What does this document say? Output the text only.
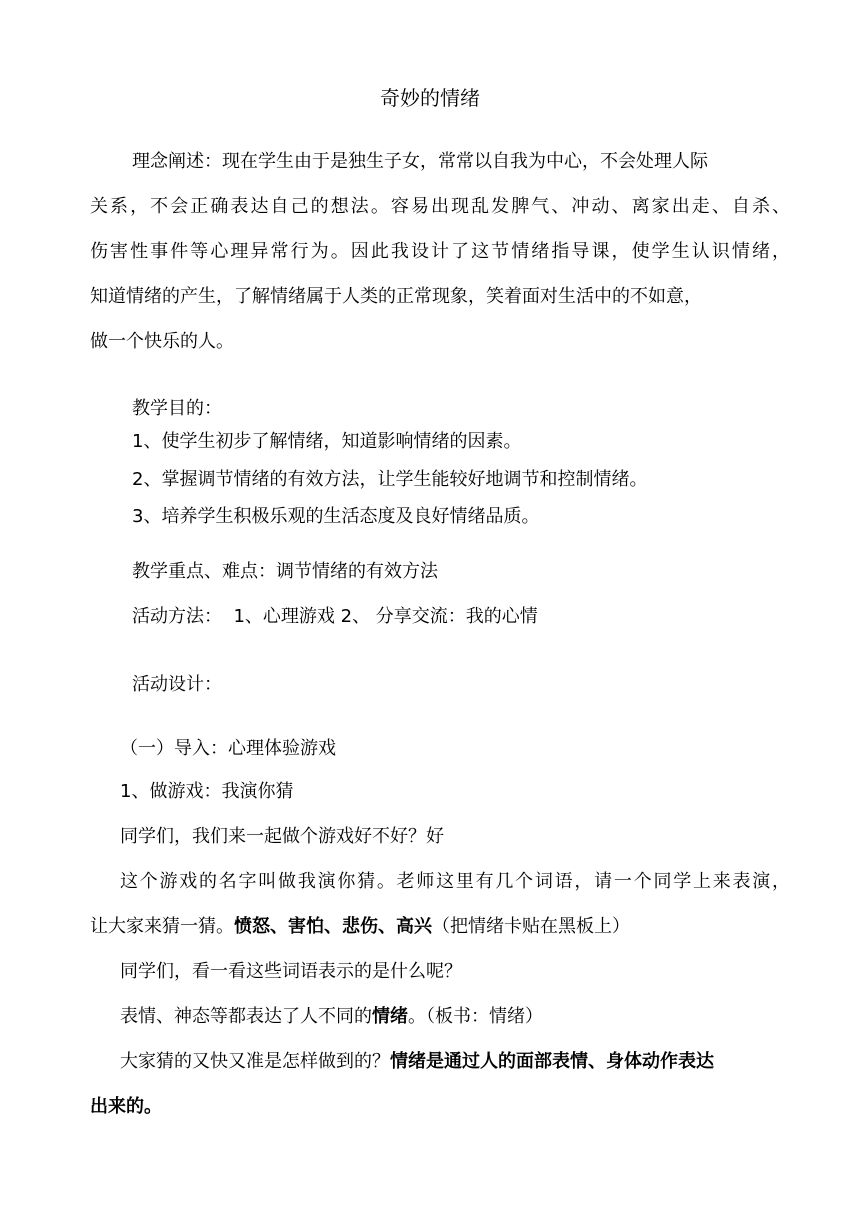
奇妙的情绪
理念阐述：现在学生由于是独生子女，常常以自我为中心，不会处理人际
关系，不会正确表达自己的想法。容易出现乱发脾气、冲动、离家出走、自杀、
伤害性事件等心理异常行为。因此我设计了这节情绪指导课，使学生认识情绪，
知道情绪的产生，了解情绪属于人类的正常现象，笑着面对生活中的不如意，
做一个快乐的人。
教学目的：
1、使学生初步了解情绪，知道影响情绪的因素。
2、掌握调节情绪的有效方法，让学生能较好地调节和控制情绪。
3、培养学生积极乐观的生活态度及良好情绪品质。
教学重点、难点：调节情绪的有效方法
活动方法：  1、心理游戏 2、 分享交流：我的心情
活动设计：
（一）导入：心理体验游戏
1、做游戏：我演你猜
同学们，我们来一起做个游戏好不好？好
这个游戏的名字叫做我演你猜。老师这里有几个词语，请一个同学上来表演，
让大家来猜一猜。愤怒、害怕、悲伤、高兴（把情绪卡贴在黑板上）
同学们，看一看这些词语表示的是什么呢？
表情、神态等都表达了人不同的情绪。（板书：情绪）
大家猜的又快又准是怎样做到的？情绪是通过人的面部表情、身体动作表达
出来的。
